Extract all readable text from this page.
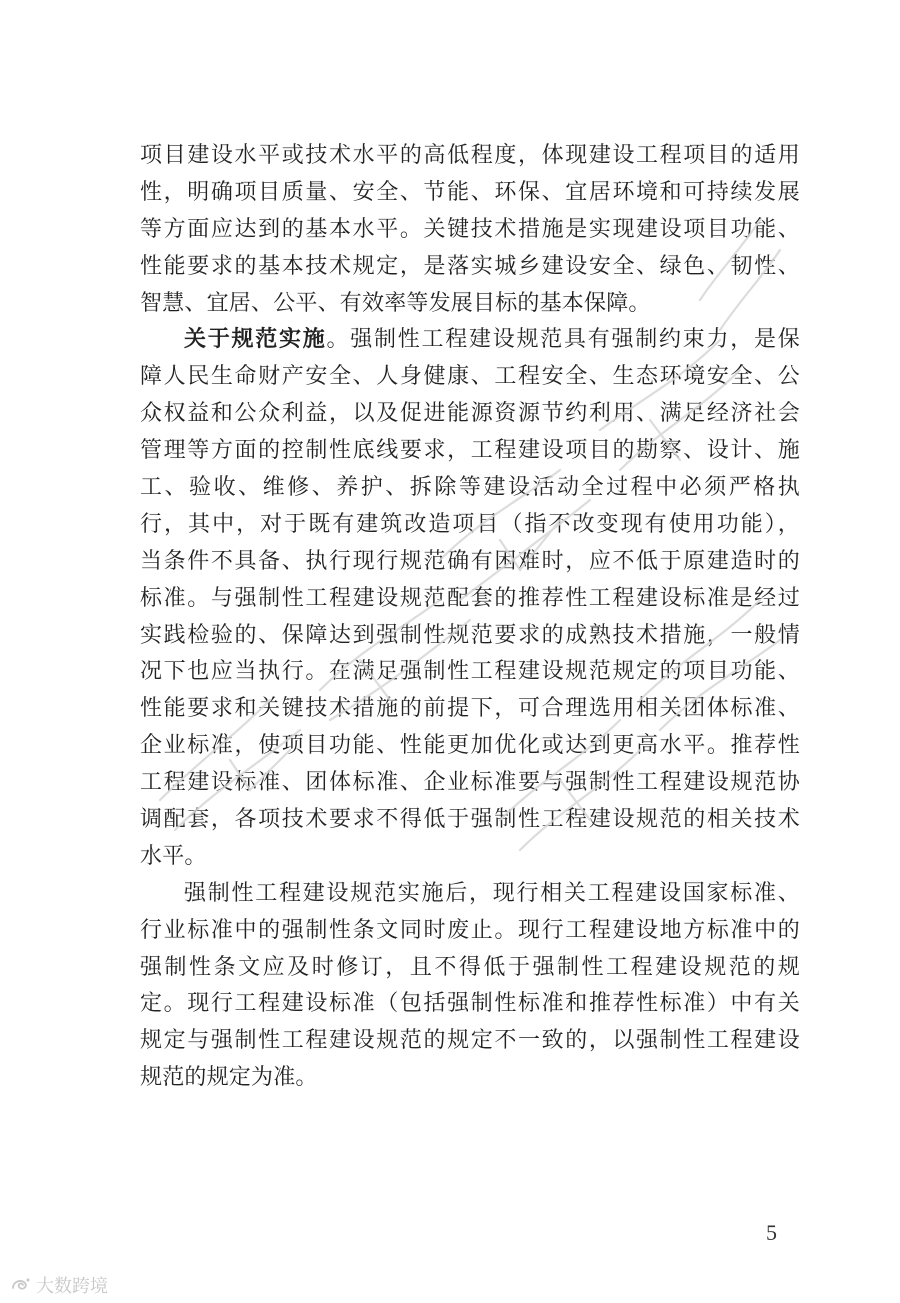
项目建设水平或技术水平的高低程度，体现建设工程项目的适用
性，明确项目质量、安全、节能、环保、宜居环境和可持续发展
等方面应达到的基本水平。关键技术措施是实现建设项目功能、
性能要求的基本技术规定，是落实城乡建设安全、绿色、韧性、
智慧、宜居、公平、有效率等发展目标的基本保障。
关于规范实施。强制性工程建设规范具有强制约束力，是保
障人民生命财产安全、人身健康、工程安全、生态环境安全、公
众权益和公众利益，以及促进能源资源节约利用、满足经济社会
管理等方面的控制性底线要求，工程建设项目的勘察、设计、施
工、验收、维修、养护、拆除等建设活动全过程中必须严格执
行，其中，对于既有建筑改造项目（指不改变现有使用功能），
当条件不具备、执行现行规范确有困难时，应不低于原建造时的
标准。与强制性工程建设规范配套的推荐性工程建设标准是经过
实践检验的、保障达到强制性规范要求的成熟技术措施，一般情
况下也应当执行。在满足强制性工程建设规范规定的项目功能、
性能要求和关键技术措施的前提下，可合理选用相关团体标准、
企业标准，使项目功能、性能更加优化或达到更高水平。推荐性
工程建设标准、团体标准、企业标准要与强制性工程建设规范协
调配套，各项技术要求不得低于强制性工程建设规范的相关技术
水平。
强制性工程建设规范实施后，现行相关工程建设国家标准、
行业标准中的强制性条文同时废止。现行工程建设地方标准中的
强制性条文应及时修订，且不得低于强制性工程建设规范的规
定。现行工程建设标准（包括强制性标准和推荐性标准）中有关
规定与强制性工程建设规范的规定不一致的，以强制性工程建设
规范的规定为准。
5
大数跨境
